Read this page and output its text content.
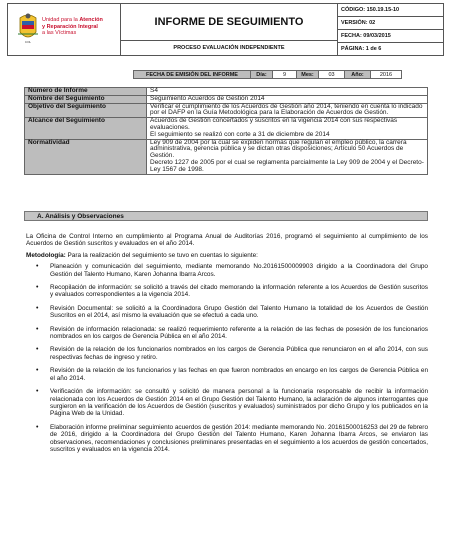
COL
Unidad para la Atención
y Reparación Integral
a las Víctimas
INFORME DE SEGUIMIENTO
PROCESO EVALUACIÓN INDEPENDIENTE
CÓDIGO: 150.19.15-10
VERSIÓN: 02
FECHA: 09/03/2015
PÁGINA: 1 de 6
FECHA DE EMISIÓN DEL INFORME	Día:	9	Mes:	03	Año:	2016
Número de Informe	S4
Nombre del Seguimiento	Seguimiento Acuerdos de Gestión 2014
Objetivo del Seguimiento	Verificar el cumplimiento de los Acuerdos de Gestión año 2014, teniendo en cuenta lo indicado por el DAFP en la Guía Metodológica para la Elaboración de Acuerdos de Gestión.
Alcance del Seguimiento	Acuerdos de Gestión concertados y suscritos en la vigencia 2014 con sus respectivas evaluaciones.
El seguimiento se realizó con corte a 31 de diciembre de 2014

Normatividad	Ley 909 de 2004 por la cual se expiden normas que regulan el empleo público, la carrera administrativa, gerencia pública y se dictan otras disposiciones; Artículo 50 Acuerdos de Gestión.
Decreto 1227 de 2005 por el cual se reglamenta parcialmente la Ley 909 de 2004 y el Decreto-Ley 1567 de 1998.
A. Análisis y Observaciones

La Oficina de Control Interno en cumplimiento al Programa Anual de Auditorías 2016, programó el seguimiento al cumplimiento de los Acuerdos de Gestión suscritos y evaluados en el año 2014.

Metodología: Para la realización del seguimiento se tuvo en cuentas lo siguiente:

• Planeación y comunicación del seguimiento, mediante memorando No.20161500009903 dirigido a la Coordinadora del Grupo Gestión del Talento Humano, Karen Johanna Ibarra Arcos.
• Recopilación de información: se solicitó a través del citado memorando la información referente a los Acuerdos de Gestión suscritos y evaluados correspondientes a la vigencia 2014.
• Revisión Documental: se solicitó a la Coordinadora Grupo Gestión del Talento Humano la totalidad de los Acuerdos de Gestión Suscritos en el 2014, así mismo la evaluación que se efectuó a cada uno.
• Revisión de información relacionada: se realizó requerimiento referente a la relación de las fechas de posesión de los funcionarios nombrados en los cargos de Gerencia Pública en el año 2014.
• Revisión de la relación de los funcionarios nombrados en los cargos de Gerencia Pública que renunciaron en el año 2014, con sus respectivas fechas de ingreso y retiro.
• Revisión de la relación de los funcionarios y las fechas en que fueron nombrados en encargo en los cargos de Gerencia Pública en el año 2014.
• Verificación de información: se consultó y solicitó de manera personal a la funcionaria responsable de recibir la información relacionada con los Acuerdos de Gestión 2014 en el Grupo Gestión del Talento Humano, la aclaración de algunos interrogantes que surgieron en la verificación de los Acuerdos de Gestión (suscritos y evaluados) suministrados por dicho Grupo y los publicados en la Página Web de la Unidad.
• Elaboración informe preliminar seguimiento acuerdos de gestión 2014: mediante memorando No. 20161500016253 del 29 de febrero de 2016, dirigido a la Coordinadora del Grupo Gestión del Talento Humano, Karen Johanna Ibarra Arcos, se enviaron las observaciones, recomendaciones y conclusiones preliminares presentadas en el seguimiento a los acuerdos de gestión concertados, suscritos y evaluados en la vigencia 2014.
